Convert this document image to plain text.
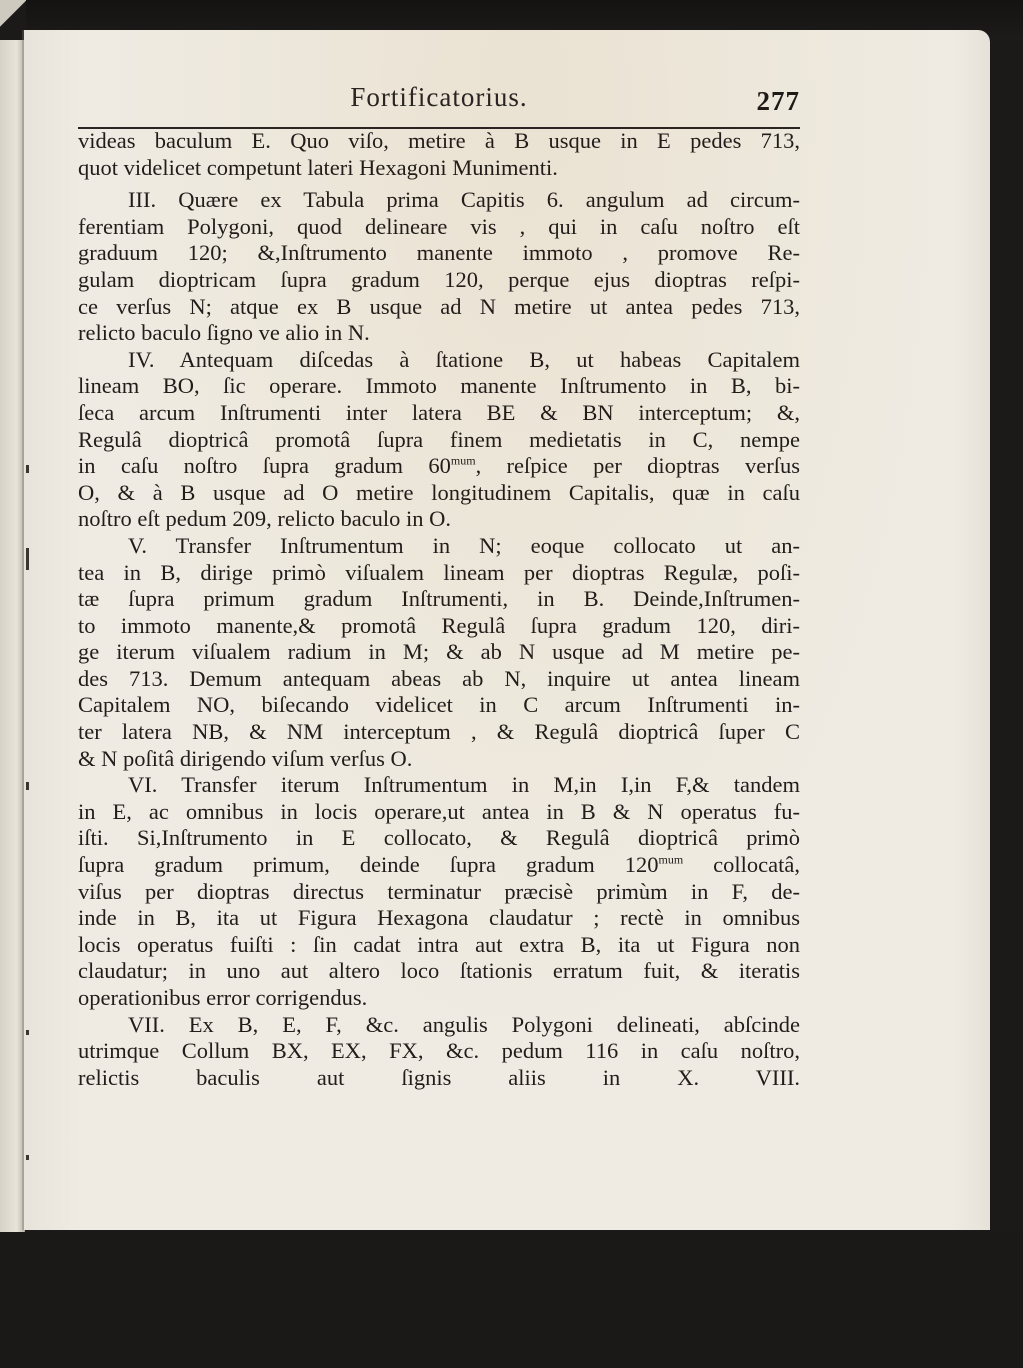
Fortificatorius.	277
videas baculum E. Quo viſo, metire à B usque in E pedes 713,
quot videlicet competunt lateri Hexagoni Munimenti.
III. Quære ex Tabula prima Capitis 6. angulum ad circum-
ferentiam Polygoni, quod delineare vis , qui in caſu noſtro eſt
graduum 120; &,Inſtrumento manente immoto , promove Re-
gulam dioptricam ſupra gradum 120, perque ejus dioptras reſpi-
ce verſus N; atque ex B usque ad N metire ut antea pedes 713,
relicto baculo ſigno ve alio in N.
IV. Antequam diſcedas à ſtatione B, ut habeas Capitalem
lineam BO, ſic operare. Immoto manente Inſtrumento in B, bi-
ſeca arcum Inſtrumenti inter latera BE & BN interceptum; &,
Regulâ dioptricâ promotâ ſupra finem medietatis in C, nempe
in caſu noſtro ſupra gradum $60^{mum}$, reſpice per dioptras verſus
O, & à B usque ad O metire longitudinem Capitalis, quæ in caſu
noſtro eſt pedum 209, relicto baculo in O.
V. Transfer Inſtrumentum in N; eoque collocato ut an-
tea in B, dirige primò viſualem lineam per dioptras Regulæ, poſi-
tæ ſupra primum gradum Inſtrumenti, in B. Deinde,Inſtrumen-
to immoto manente,& promotâ Regulâ ſupra gradum 120, diri-
ge iterum viſualem radium in M; & ab N usque ad M metire pe-
des 713. Demum antequam abeas ab N, inquire ut antea lineam
Capitalem NO, biſecando videlicet in C arcum Inſtrumenti in-
ter latera NB, & NM interceptum , & Regulâ dioptricâ ſuper C
& N poſitâ dirigendo viſum verſus O.
VI. Transfer iterum Inſtrumentum in M,in I,in F,& tandem
in E, ac omnibus in locis operare,ut antea in B & N operatus fu-
iſti. Si,Inſtrumento in E collocato, & Regulâ dioptricâ primò
ſupra gradum primum, deinde ſupra gradum $120^{mum}$ collocatâ,
viſus per dioptras directus terminatur præcisè primùm in F, de-
inde in B, ita ut Figura Hexagona claudatur ; rectè in omnibus
locis operatus fuiſti : ſin cadat intra aut extra B, ita ut Figura non
claudatur; in uno aut altero loco ſtationis erratum fuit, & iteratis
operationibus error corrigendus.
VII. Ex B, E, F, &c. angulis Polygoni delineati, abſcinde
utrimque Collum BX, EX, FX, &c. pedum 116 in caſu noſtro,
relictis baculis aut ſignis aliis in X.	VIII.
